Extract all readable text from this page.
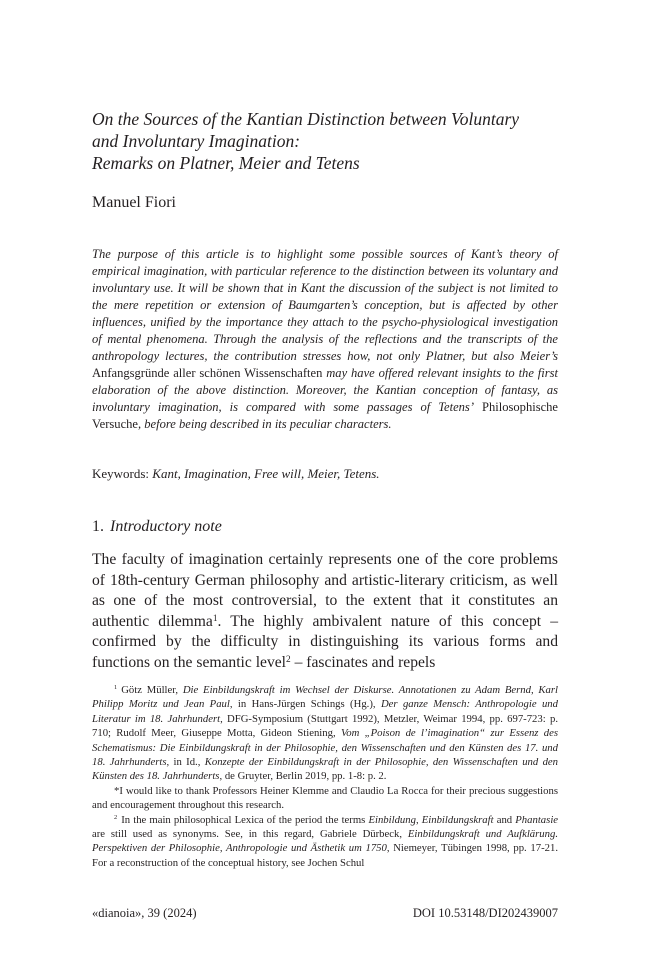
On the Sources of the Kantian Distinction between Voluntary
and Involuntary Imagination:
Remarks on Platner, Meier and Tetens
Manuel Fiori
The purpose of this article is to highlight some possible sources of Kant’s theory of empirical imagination, with particular reference to the distinction between its voluntary and involuntary use. It will be shown that in Kant the discussion of the subject is not limited to the mere repetition or extension of Baumgarten’s conception, but is affected by other influences, unified by the importance they attach to the psycho-physiological investigation of mental phenomena. Through the analysis of the reflections and the transcripts of the anthropology lectures, the contribution stresses how, not only Platner, but also Meier’s Anfangsgründe aller schönen Wissenschaften may have offered relevant insights to the first elaboration of the above distinction. Moreover, the Kantian conception of fantasy, as involuntary imagination, is compared with some passages of Tetens’ Philosophische Versuche, before being described in its peculiar characters.
Keywords: Kant, Imagination, Free will, Meier, Tetens.
1. Introductory note
The faculty of imagination certainly represents one of the core problems of 18th-century German philosophy and artistic-literary criticism, as well as one of the most controversial, to the extent that it constitutes an authentic dilemma$^1$. The highly ambivalent nature of this concept – confirmed by the difficulty in distinguishing its various forms and functions on the semantic level$^2$ – fascinates and repels

$^1$ Götz Müller, Die Einbildungskraft im Wechsel der Diskurse. Annotationen zu Adam Bernd, Karl Philipp Moritz und Jean Paul, in Hans-Jürgen Schings (Hg.), Der ganze Mensch: Anthropologie und Literatur im 18. Jahrhundert, DFG-Symposium (Stuttgart 1992), Metzler, Weimar 1994, pp. 697-723: p. 710; Rudolf Meer, Giuseppe Motta, Gideon Stiening, Vom „Poison de l’imagination“ zur Essenz des Schematismus: Die Einbildungskraft in der Philosophie, den Wissenschaften und den Künsten des 17. und 18. Jahrhunderts, in Id., Konzepte der Einbildungskraft in der Philosophie, den Wissenschaften und den Künsten des 18. Jahrhunderts, de Gruyter, Berlin 2019, pp. 1-8: p. 2.

*I would like to thank Professors Heiner Klemme and Claudio La Rocca for their precious suggestions and encouragement throughout this research.

$^2$ In the main philosophical Lexica of the period the terms Einbildung, Einbildungskraft and Phantasie are still used as synonyms. See, in this regard, Gabriele Dürbeck, Einbildungskraft und Aufklärung. Perspektiven der Philosophie, Anthropologie und Ästhetik um 1750, Niemeyer, Tübingen 1998, pp. 17-21. For a reconstruction of the conceptual history, see Jochen Schul

«dianoia», 39 (2024)	DOI 10.53148/DI202439007
